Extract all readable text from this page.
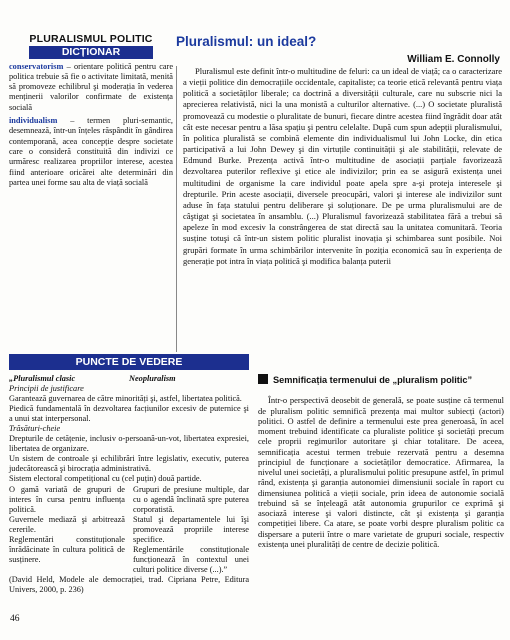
PLURALISMUL POLITIC
DICȚIONAR

conservatorism – orientare politică pentru care politica trebuie să fie o activitate limitată, menită să promoveze echilibrul şi moderația în vederea menținerii valorilor confirmate de existența socială

individualism – termen pluri-semantic, desemnează, într-un înțeles răspândit în gândirea contemporană, acea concepție despre societate care o consideră constituită din indivizi ce urmăresc realizarea propriilor interese, acestea fiind anterioare oricărei alte determinări din partea unei forme sau alta de viață socială

Pluralismul: un ideal?
William E. Connolly

Pluralismul este definit într-o multitudine de feluri: ca un ideal de viață; ca o caracterizare a vieții politice din democrațiile occidentale, capitaliste; ca teorie etică relevantă pentru viața politică a societăților liberale; ca doctrină a diversității culturale, care nu subscrie nici la aprecierea relativistă, nici la una monistă a culturilor alternative. (...) O societate pluralistă promovează cu modestie o pluralitate de bunuri, fiecare dintre acestea fiind îngrădit doar atât cât este necesar pentru a lăsa spațiu şi pentru celelalte. După cum spun adepții pluralismului, în politica pluralistă se combină elemente din individualismul lui John Locke, din etica participativă a lui John Dewey şi din virtuțile continuității şi ale stabilității, relevate de Edmund Burke. Prezența activă într-o multitudine de asociații parțiale favorizează dezvoltarea puterilor reflexive şi etice ale indivizilor; prin ea se asigură existența unei multitudini de organisme la care individul poate apela spre a-şi proteja interesele şi drepturile. Prin aceste asociații, diversele preocupări, valori şi interese ale indivizilor sunt aduse în fața statului pentru deliberare şi soluționare. De pe urma pluralismului are de câştigat şi societatea în ansamblu. (...) Pluralismul favorizează stabilitatea fără a trebui să apeleze în mod excesiv la constrângerea de stat directă sau la unitatea comunitară. Teoria susține totuşi că într-un sistem politic pluralist inovația şi schimbarea sunt posibile. Noi grupări formate în urma schimbărilor intervenite în poziția economică sau în experiența de generație pot intra în viața politică şi modifica balanța puterii

PUNCTE DE VEDERE

„Pluralismul clasic	Neopluralism

Principii de justificare

Garantează guvernarea de către minorități şi, astfel, libertatea politică.

Piedică fundamentală în dezvoltarea facțiunilor excesiv de puternice şi a unui stat interpersonal.

Trăsături-cheie

Drepturile de cetățenie, inclusiv o-persoană-un-vot, libertatea expresiei, libertatea de organizare.

Un sistem de controale şi echilibrări între legislativ, executiv, puterea judecătorească şi birocrația administrativă.

Sistem electoral competițional cu (cel puțin) două partide.

O gamă variată de grupuri de interes în cursa pentru influența politică.

Guvernele mediază şi arbitrează cererile.

Reglementări constituționale înrădăcinate în cultura politică de susținere.

Grupuri de presiune multiple, dar cu o agendă înclinată spre puterea corporatistă.

Statul şi departamentele lui îşi promovează propriile interese specifice.

Reglementările constituționale funcționează în contextul unei culturi politice diverse (...).”

(David Held, Modele ale democrației, trad. Cipriana Petre, Editura Univers, 2000, p. 236)

Semnificația termenului de „pluralism politic”

Într-o perspectivă deosebit de generală, se poate susține că termenul de pluralism politic semnifică prezența mai multor subiecți (actori) politici. O astfel de definire a termenului este prea generoasă, în acel moment trebuind identificate ca pluraliste politice şi societăți precum cele proprii regimurilor autoritare şi chiar totalitare. De aceea, semnificația acestui termen trebuie rezervată pentru a desemna principiul de funcționare a societăților democratice. Afirmarea, la nivelul unei societăți, a pluralismului politic presupune astfel, în primul rând, existența şi garanția autonomiei dimensiunii sociale în raport cu dimensiunea politică a vieții sociale, prin ideea de autonomie socială trebuind să se înțeleagă atât autonomia grupurilor ce exprimă şi asociază interese şi valori distincte, cât şi existența şi garanția competiției libere. Ca atare, se poate vorbi despre pluralism politic ca dispersare a puterii între o mare varietate de grupuri sociale, respectiv existența unei pluralități de centre de decizie politică.

46
